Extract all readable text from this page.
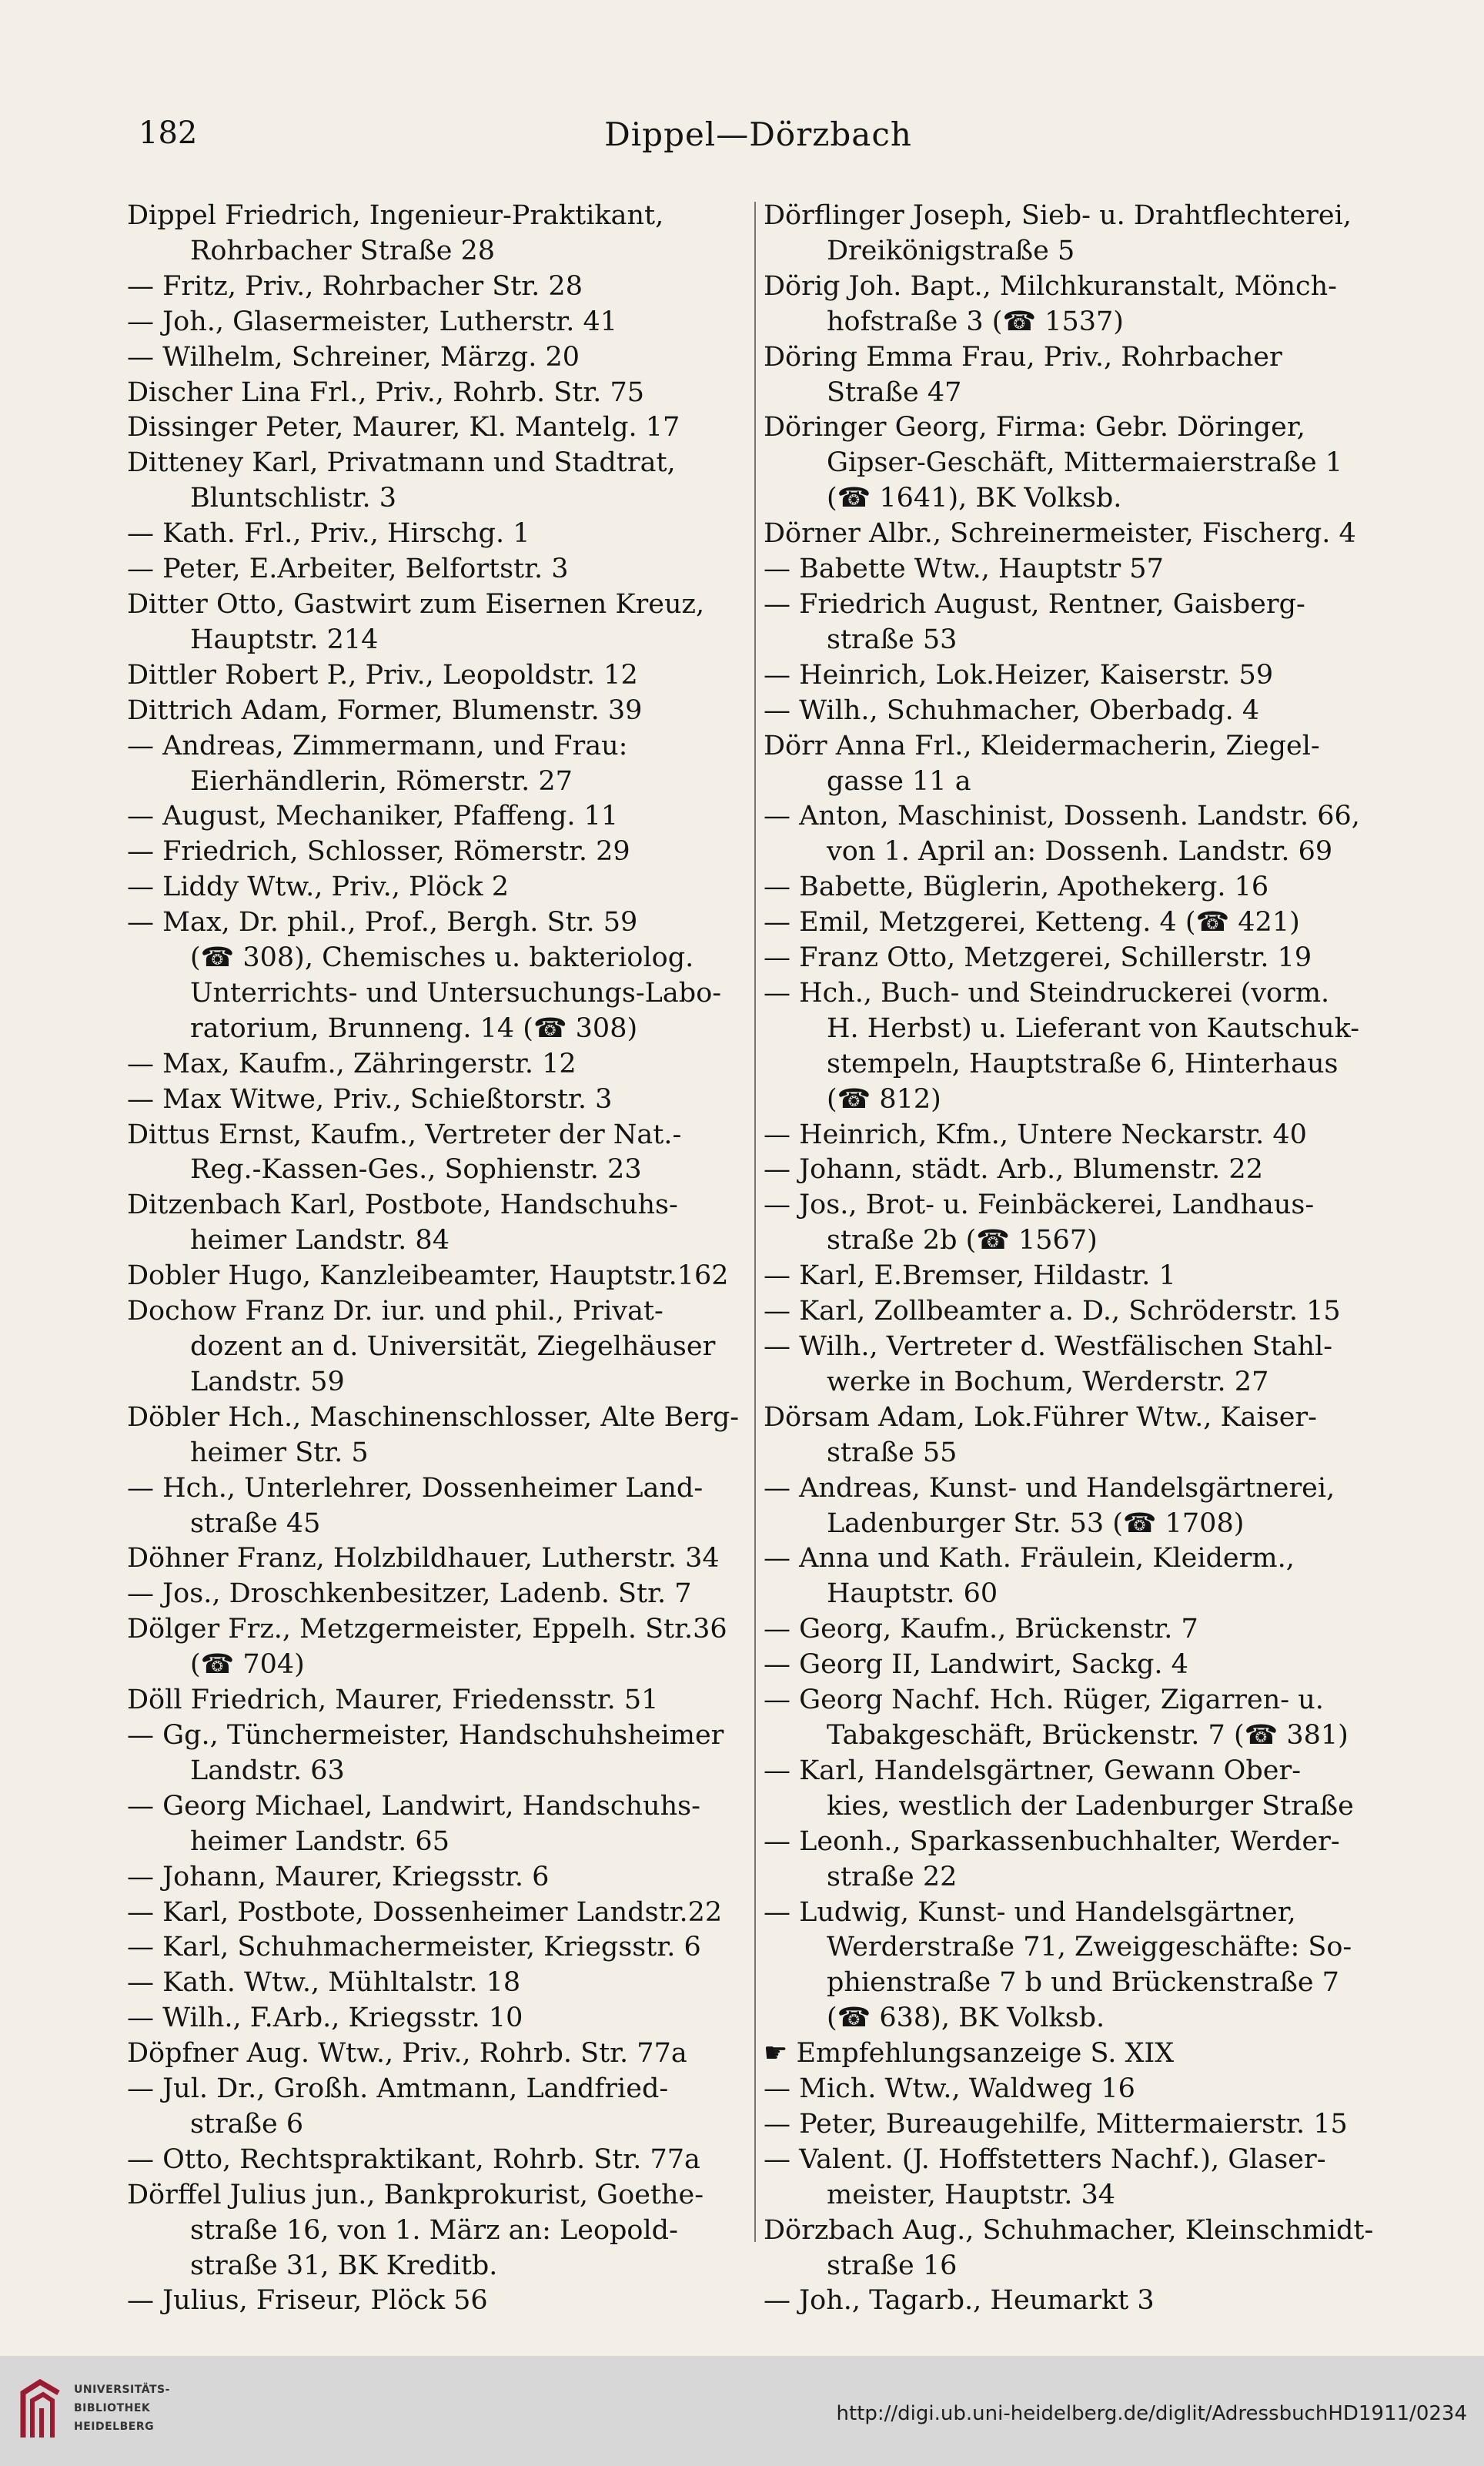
182	Dippel—Dörzbach
Dippel Friedrich, Ingenieur-Praktikant,
Rohrbacher Straße 28
— Fritz, Priv., Rohrbacher Str. 28
— Joh., Glasermeister, Lutherstr. 41
— Wilhelm, Schreiner, Märzg. 20
Discher Lina Frl., Priv., Rohrb. Str. 75
Dissinger Peter, Maurer, Kl. Mantelg. 17
Ditteney Karl, Privatmann und Stadtrat,
Bluntschlistr. 3
— Kath. Frl., Priv., Hirschg. 1
— Peter, E.Arbeiter, Belfortstr. 3
Ditter Otto, Gastwirt zum Eisernen Kreuz,
Hauptstr. 214
Dittler Robert P., Priv., Leopoldstr. 12
Dittrich Adam, Former, Blumenstr. 39
— Andreas, Zimmermann, und Frau:
Eierhändlerin, Römerstr. 27
— August, Mechaniker, Pfaffeng. 11
— Friedrich, Schlosser, Römerstr. 29
— Liddy Wtw., Priv., Plöck 2
— Max, Dr. phil., Prof., Bergh. Str. 59
(☎ 308), Chemisches u. bakteriolog.
Unterrichts- und Untersuchungs-Labo-
ratorium, Brunneng. 14 (☎ 308)
— Max, Kaufm., Zähringerstr. 12
— Max Witwe, Priv., Schießtorstr. 3
Dittus Ernst, Kaufm., Vertreter der Nat.-
Reg.-Kassen-Ges., Sophienstr. 23
Ditzenbach Karl, Postbote, Handschuhs-
heimer Landstr. 84
Dobler Hugo, Kanzleibeamter, Hauptstr.162
Dochow Franz Dr. iur. und phil., Privat-
dozent an d. Universität, Ziegelhäuser
Landstr. 59
Döbler Hch., Maschinenschlosser, Alte Berg-
heimer Str. 5
— Hch., Unterlehrer, Dossenheimer Land-
straße 45
Döhner Franz, Holzbildhauer, Lutherstr. 34
— Jos., Droschkenbesitzer, Ladenb. Str. 7
Dölger Frz., Metzgermeister, Eppelh. Str.36
(☎ 704)
Döll Friedrich, Maurer, Friedensstr. 51
— Gg., Tünchermeister, Handschuhsheimer
Landstr. 63
— Georg Michael, Landwirt, Handschuhs-
heimer Landstr. 65
— Johann, Maurer, Kriegsstr. 6
— Karl, Postbote, Dossenheimer Landstr.22
— Karl, Schuhmachermeister, Kriegsstr. 6
— Kath. Wtw., Mühltalstr. 18
— Wilh., F.Arb., Kriegsstr. 10
Döpfner Aug. Wtw., Priv., Rohrb. Str. 77a
— Jul. Dr., Großh. Amtmann, Landfried-
straße 6
— Otto, Rechtspraktikant, Rohrb. Str. 77a
Dörffel Julius jun., Bankprokurist, Goethe-
straße 16, von 1. März an: Leopold-
straße 31, BK Kreditb.
— Julius, Friseur, Plöck 56
Dörflinger Joseph, Sieb- u. Drahtflechterei,
Dreikönigstraße 5
Dörig Joh. Bapt., Milchkuranstalt, Mönch-
hofstraße 3 (☎ 1537)
Döring Emma Frau, Priv., Rohrbacher
Straße 47
Döringer Georg, Firma: Gebr. Döringer,
Gipser-Geschäft, Mittermaierstraße 1
(☎ 1641), BK Volksb.
Dörner Albr., Schreinermeister, Fischerg. 4
— Babette Wtw., Hauptstr 57
— Friedrich August, Rentner, Gaisberg-
straße 53
— Heinrich, Lok.Heizer, Kaiserstr. 59
— Wilh., Schuhmacher, Oberbadg. 4
Dörr Anna Frl., Kleidermacherin, Ziegel-
gasse 11 a
— Anton, Maschinist, Dossenh. Landstr. 66,
von 1. April an: Dossenh. Landstr. 69
— Babette, Büglerin, Apothekerg. 16
— Emil, Metzgerei, Ketteng. 4 (☎ 421)
— Franz Otto, Metzgerei, Schillerstr. 19
— Hch., Buch- und Steindruckerei (vorm.
H. Herbst) u. Lieferant von Kautschuk-
stempeln, Hauptstraße 6, Hinterhaus
(☎ 812)
— Heinrich, Kfm., Untere Neckarstr. 40
— Johann, städt. Arb., Blumenstr. 22
— Jos., Brot- u. Feinbäckerei, Landhaus-
straße 2b (☎ 1567)
— Karl, E.Bremser, Hildastr. 1
— Karl, Zollbeamter a. D., Schröderstr. 15
— Wilh., Vertreter d. Westfälischen Stahl-
werke in Bochum, Werderstr. 27
Dörsam Adam, Lok.Führer Wtw., Kaiser-
straße 55
— Andreas, Kunst- und Handelsgärtnerei,
Ladenburger Str. 53 (☎ 1708)
— Anna und Kath. Fräulein, Kleiderm.,
Hauptstr. 60
— Georg, Kaufm., Brückenstr. 7
— Georg II, Landwirt, Sackg. 4
— Georg Nachf. Hch. Rüger, Zigarren- u.
Tabakgeschäft, Brückenstr. 7 (☎ 381)
— Karl, Handelsgärtner, Gewann Ober-
kies, westlich der Ladenburger Straße
— Leonh., Sparkassenbuchhalter, Werder-
straße 22
— Ludwig, Kunst- und Handelsgärtner,
Werderstraße 71, Zweiggeschäfte: So-
phienstraße 7 b und Brückenstraße 7
(☎ 638), BK Volksb.
☛ Empfehlungsanzeige S. XIX
— Mich. Wtw., Waldweg 16
— Peter, Bureaugehilfe, Mittermaierstr. 15
— Valent. (J. Hoffstetters Nachf.), Glaser-
meister, Hauptstr. 34
Dörzbach Aug., Schuhmacher, Kleinschmidt-
straße 16
— Joh., Tagarb., Heumarkt 3
UNIVERSITÄTS-
BIBLIOTHEK
HEIDELBERG
http://digi.ub.uni-heidelberg.de/diglit/AdressbuchHD1911/0234
